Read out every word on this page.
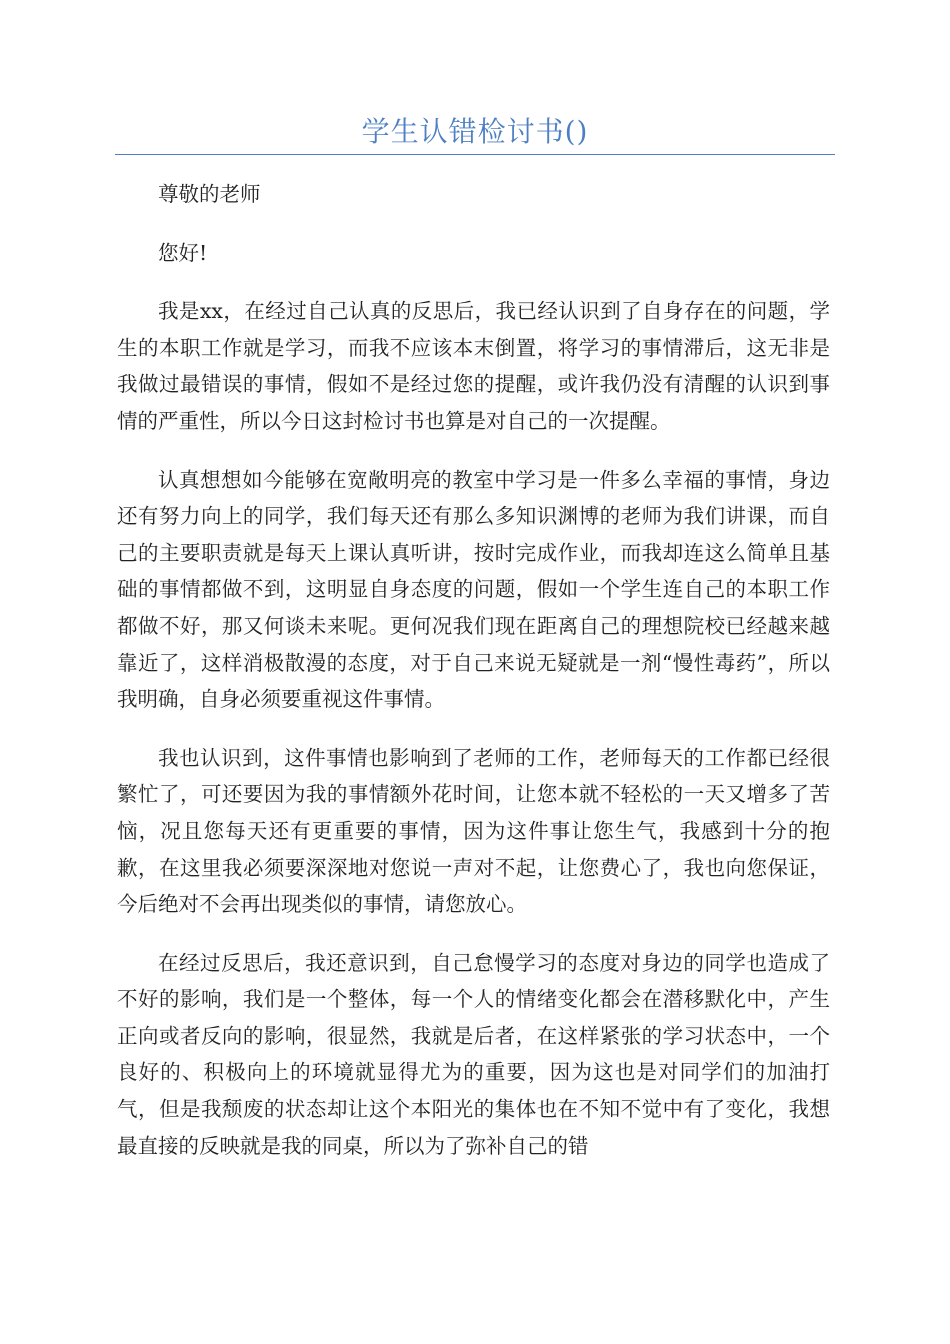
学生认错检讨书()

尊敬的老师

您好!

我是xx，在经过自己认真的反思后，我已经认识到了自身存在的问题，学生的本职工作就是学习，而我不应该本末倒置，将学习的事情滞后，这无非是我做过最错误的事情，假如不是经过您的提醒，或许我仍没有清醒的认识到事情的严重性，所以今日这封检讨书也算是对自己的一次提醒。

认真想想如今能够在宽敞明亮的教室中学习是一件多么幸福的事情，身边还有努力向上的同学，我们每天还有那么多知识渊博的老师为我们讲课，而自己的主要职责就是每天上课认真听讲，按时完成作业，而我却连这么简单且基础的事情都做不到，这明显自身态度的问题，假如一个学生连自己的本职工作都做不好，那又何谈未来呢。更何况我们现在距离自己的理想院校已经越来越靠近了，这样消极散漫的态度，对于自己来说无疑就是一剂“慢性毒药”，所以我明确，自身必须要重视这件事情。

我也认识到，这件事情也影响到了老师的工作，老师每天的工作都已经很繁忙了，可还要因为我的事情额外花时间，让您本就不轻松的一天又增多了苦恼，况且您每天还有更重要的事情，因为这件事让您生气，我感到十分的抱歉，在这里我必须要深深地对您说一声对不起，让您费心了，我也向您保证，今后绝对不会再出现类似的事情，请您放心。

在经过反思后，我还意识到，自己怠慢学习的态度对身边的同学也造成了不好的影响，我们是一个整体，每一个人的情绪变化都会在潜移默化中，产生正向或者反向的影响，很显然，我就是后者，在这样紧张的学习状态中，一个良好的、积极向上的环境就显得尤为的重要，因为这也是对同学们的加油打气，但是我颓废的状态却让这个本阳光的集体也在不知不觉中有了变化，我想最直接的反映就是我的同桌，所以为了弥补自己的错
